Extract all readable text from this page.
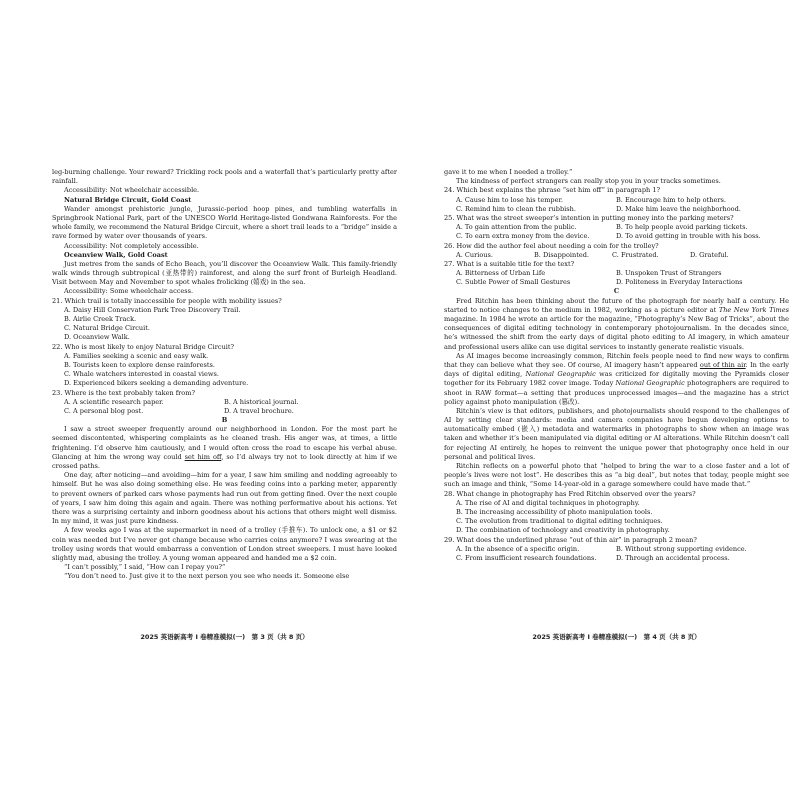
leg-burning challenge. Your reward? Trickling rock pools and a waterfall that’s particularly pretty after rainfall.

Accessibility: Not wheelchair accessible.

Natural Bridge Circuit, Gold Coast

Wander amongst prehistoric jungle, Jurassic-period hoop pines, and tumbling waterfalls in Springbrook National Park, part of the UNESCO World Heritage-listed Gondwana Rainforests. For the whole family, we recommend the Natural Bridge Circuit, where a short trail leads to a “bridge” inside a rave formed by water over thousands of years.

Accessibility: Not completely accessible.

Oceanview Walk, Gold Coast

Just metres from the sands of Echo Beach, you’ll discover the Oceanview Walk. This family-friendly walk winds through subtropical (亚热带的) rainforest, and along the surf front of Burleigh Headland. Visit between May and November to spot whales frolicking (嬉戏) in the sea.

Accessibility: Some wheelchair access.

21. Which trail is totally inaccessible for people with mobility issues?

A. Daisy Hill Conservation Park Tree Discovery Trail.

B. Airlie Creek Track.

C. Natural Bridge Circuit.

D. Oceanview Walk.

22. Who is most likely to enjoy Natural Bridge Circuit?

A. Families seeking a scenic and easy walk.

B. Tourists keen to explore dense rainforests.

C. Whale watchers interested in coastal views.

D. Experienced bikers seeking a demanding adventure.

23. Where is the text probably taken from?

A. A scientific research paper.	B. A historical journal.
C. A personal blog post.	D. A travel brochure.

B

I saw a street sweeper frequently around our neighborhood in London. For the most part he seemed discontented, whispering complaints as he cleaned trash. His anger was, at times, a little frightening. I’d observe him cautiously, and I would often cross the road to escape his verbal abuse. Glancing at him the wrong way could set him off, so I’d always try not to look directly at him if we crossed paths.

One day, after noticing—and avoiding—him for a year, I saw him smiling and nodding agreeably to himself. But he was also doing something else. He was feeding coins into a parking meter, apparently to prevent owners of parked cars whose payments had run out from getting fined. Over the next couple of years, I saw him doing this again and again. There was nothing performative about his actions. Yet there was a surprising certainty and inborn goodness about his actions that others might well dismiss. In my mind, it was just pure kindness.

A few weeks ago I was at the supermarket in need of a trolley (手推车). To unlock one, a $1 or $2 coin was needed but I’ve never got change because who carries coins anymore? I was swearing at the trolley using words that would embarrass a convention of London street sweepers. I must have looked slightly mad, abusing the trolley. A young woman appeared and handed me a $2 coin.

“I can’t possibly,” I said, “How can I repay you?”

“You don’t need to. Just give it to the next person you see who needs it. Someone else

2025 英语新高考 Ⅰ 卷精准模拟(一)　第 3 页（共 8 页）

gave it to me when I needed a trolley.”

The kindness of perfect strangers can really stop you in your tracks sometimes.

24. Which best explains the phrase “set him off” in paragraph 1?

A. Cause him to lose his temper.	B. Encourage him to help others.
C. Remind him to clean the rubbish.	D. Make him leave the neighborhood.

25. What was the street sweeper’s intention in putting money into the parking meters?

A. To gain attention from the public.	B. To help people avoid parking tickets.
C. To earn extra money from the device.	D. To avoid getting in trouble with his boss.

26. How did the author feel about needing a coin for the trolley?

A. Curious.	B. Disappointed.	C. Frustrated.	D. Grateful.

27. What is a suitable title for the text?

A. Bitterness of Urban Life	B. Unspoken Trust of Strangers
C. Subtle Power of Small Gestures	D. Politeness in Everyday Interactions

C

Fred Ritchin has been thinking about the future of the photograph for nearly half a century. He started to notice changes to the medium in 1982, working as a picture editor at The New York Times magazine. In 1984 he wrote an article for the magazine, “Photography’s New Bag of Tricks”, about the consequences of digital editing technology in contemporary photojournalism. In the decades since, he’s witnessed the shift from the early days of digital photo editing to AI imagery, in which amateur and professional users alike can use digital services to instantly generate realistic visuals.

As AI images become increasingly common, Ritchin feels people need to find new ways to confirm that they can believe what they see. Of course, AI imagery hasn’t appeared out of thin air. In the early days of digital editing, National Geographic was criticized for digitally moving the Pyramids closer together for its February 1982 cover image. Today National Geographic photographers are required to shoot in RAW format—a setting that produces unprocessed images—and the magazine has a strict policy against photo manipulation (篡改).

Ritchin’s view is that editors, publishers, and photojournalists should respond to the challenges of AI by setting clear standards: media and camera companies have begun developing options to automatically embed (嵌入) metadata and watermarks in photographs to show when an image was taken and whether it’s been manipulated via digital editing or AI alterations. While Ritchin doesn’t call for rejecting AI entirely, he hopes to reinvent the unique power that photography once held in our personal and political lives.

Ritchin reflects on a powerful photo that “helped to bring the war to a close faster and a lot of people’s lives were not lost”. He describes this as “a big deal”, but notes that today, people might see such an image and think, “Some 14-year-old in a garage somewhere could have made that.”

28. What change in photography has Fred Ritchin observed over the years?

A. The rise of AI and digital techniques in photography.

B. The increasing accessibility of photo manipulation tools.

C. The evolution from traditional to digital editing techniques.

D. The combination of technology and creativity in photography.

29. What does the underlined phrase “out of thin air” in paragraph 2 mean?

A. In the absence of a specific origin.	B. Without strong supporting evidence.
C. From insufficient research foundations.	D. Through an accidental process.
2025 英语新高考 Ⅰ 卷精准模拟(一)　第 4 页（共 8 页）
